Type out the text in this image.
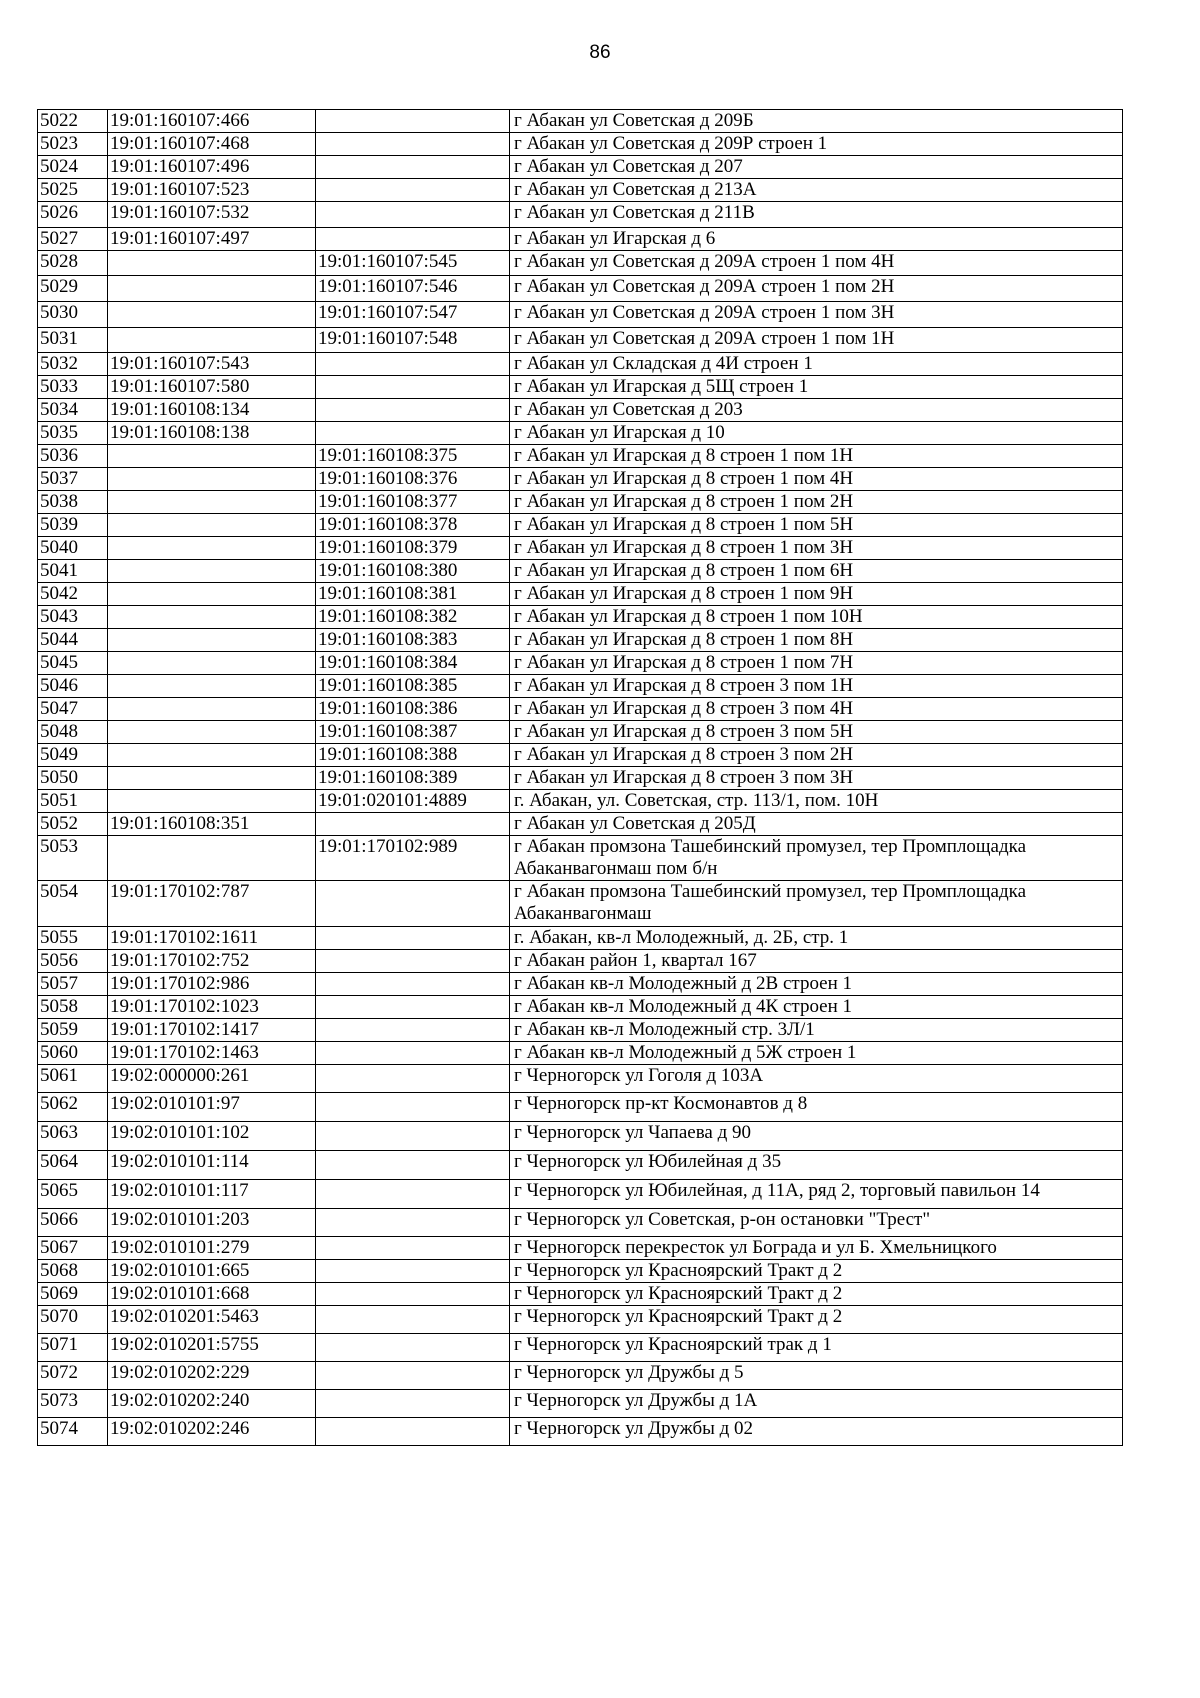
86
5022	19:01:160107:466		г Абакан ул Советская д 209Б
5023	19:01:160107:468		г Абакан ул Советская д 209Р строен 1
5024	19:01:160107:496		г Абакан ул Советская д 207
5025	19:01:160107:523		г Абакан ул Советская д 213А
5026	19:01:160107:532		г Абакан ул Советская д 211В
5027	19:01:160107:497		г Абакан ул Игарская д 6
5028		19:01:160107:545	г Абакан ул Советская д 209А строен 1 пом 4Н
5029		19:01:160107:546	г Абакан ул Советская д 209А строен 1 пом 2Н
5030		19:01:160107:547	г Абакан ул Советская д 209А строен 1 пом 3Н
5031		19:01:160107:548	г Абакан ул Советская д 209А строен 1 пом 1Н
5032	19:01:160107:543		г Абакан ул Складская д 4И строен 1
5033	19:01:160107:580		г Абакан ул Игарская д 5Щ строен 1
5034	19:01:160108:134		г Абакан ул Советская д 203
5035	19:01:160108:138		г Абакан ул Игарская д 10
5036		19:01:160108:375	г Абакан ул Игарская д 8 строен 1 пом 1Н
5037		19:01:160108:376	г Абакан ул Игарская д 8 строен 1 пом 4Н
5038		19:01:160108:377	г Абакан ул Игарская д 8 строен 1 пом 2Н
5039		19:01:160108:378	г Абакан ул Игарская д 8 строен 1 пом 5Н
5040		19:01:160108:379	г Абакан ул Игарская д 8 строен 1 пом 3Н
5041		19:01:160108:380	г Абакан ул Игарская д 8 строен 1 пом 6Н
5042		19:01:160108:381	г Абакан ул Игарская д 8 строен 1 пом 9Н
5043		19:01:160108:382	г Абакан ул Игарская д 8 строен 1 пом 10Н
5044		19:01:160108:383	г Абакан ул Игарская д 8 строен 1 пом 8Н
5045		19:01:160108:384	г Абакан ул Игарская д 8 строен 1 пом 7Н
5046		19:01:160108:385	г Абакан ул Игарская д 8 строен 3 пом 1Н
5047		19:01:160108:386	г Абакан ул Игарская д 8 строен 3 пом 4Н
5048		19:01:160108:387	г Абакан ул Игарская д 8 строен 3 пом 5Н
5049		19:01:160108:388	г Абакан ул Игарская д 8 строен 3 пом 2Н
5050		19:01:160108:389	г Абакан ул Игарская д 8 строен 3 пом 3Н
5051		19:01:020101:4889	г. Абакан, ул. Советская, стр. 113/1, пом. 10Н
5052	19:01:160108:351		г Абакан ул Советская д 205Д
5053		19:01:170102:989	г Абакан промзона Ташебинский промузел, тер Промплощадка Абаканвагонмаш пом б/н
5054	19:01:170102:787		г Абакан промзона Ташебинский промузел, тер Промплощадка Абаканвагонмаш
5055	19:01:170102:1611		г. Абакан, кв-л Молодежный, д. 2Б, стр. 1
5056	19:01:170102:752		г Абакан район 1, квартал 167
5057	19:01:170102:986		г Абакан кв-л Молодежный д 2В строен 1
5058	19:01:170102:1023		г Абакан кв-л Молодежный д 4К строен 1
5059	19:01:170102:1417		г Абакан кв-л Молодежный стр. 3Л/1
5060	19:01:170102:1463		г Абакан кв-л Молодежный д 5Ж строен 1
5061	19:02:000000:261		г Черногорск ул Гоголя д 103А
5062	19:02:010101:97		г Черногорск пр-кт Космонавтов д 8
5063	19:02:010101:102		г Черногорск ул Чапаева д 90
5064	19:02:010101:114		г Черногорск ул Юбилейная д 35
5065	19:02:010101:117		г Черногорск ул Юбилейная, д 11А, ряд 2, торговый павильон 14
5066	19:02:010101:203		г Черногорск ул Советская, р-он остановки "Трест"
5067	19:02:010101:279		г Черногорск перекресток ул Бограда и ул Б. Хмельницкого
5068	19:02:010101:665		г Черногорск ул Красноярский Тракт д 2
5069	19:02:010101:668		г Черногорск ул Красноярский Тракт д 2
5070	19:02:010201:5463		г Черногорск ул Красноярский Тракт д 2
5071	19:02:010201:5755		г Черногорск ул Красноярский трак д 1
5072	19:02:010202:229		г Черногорск ул Дружбы д 5
5073	19:02:010202:240		г Черногорск ул Дружбы д 1А
5074	19:02:010202:246		г Черногорск ул Дружбы д 02
